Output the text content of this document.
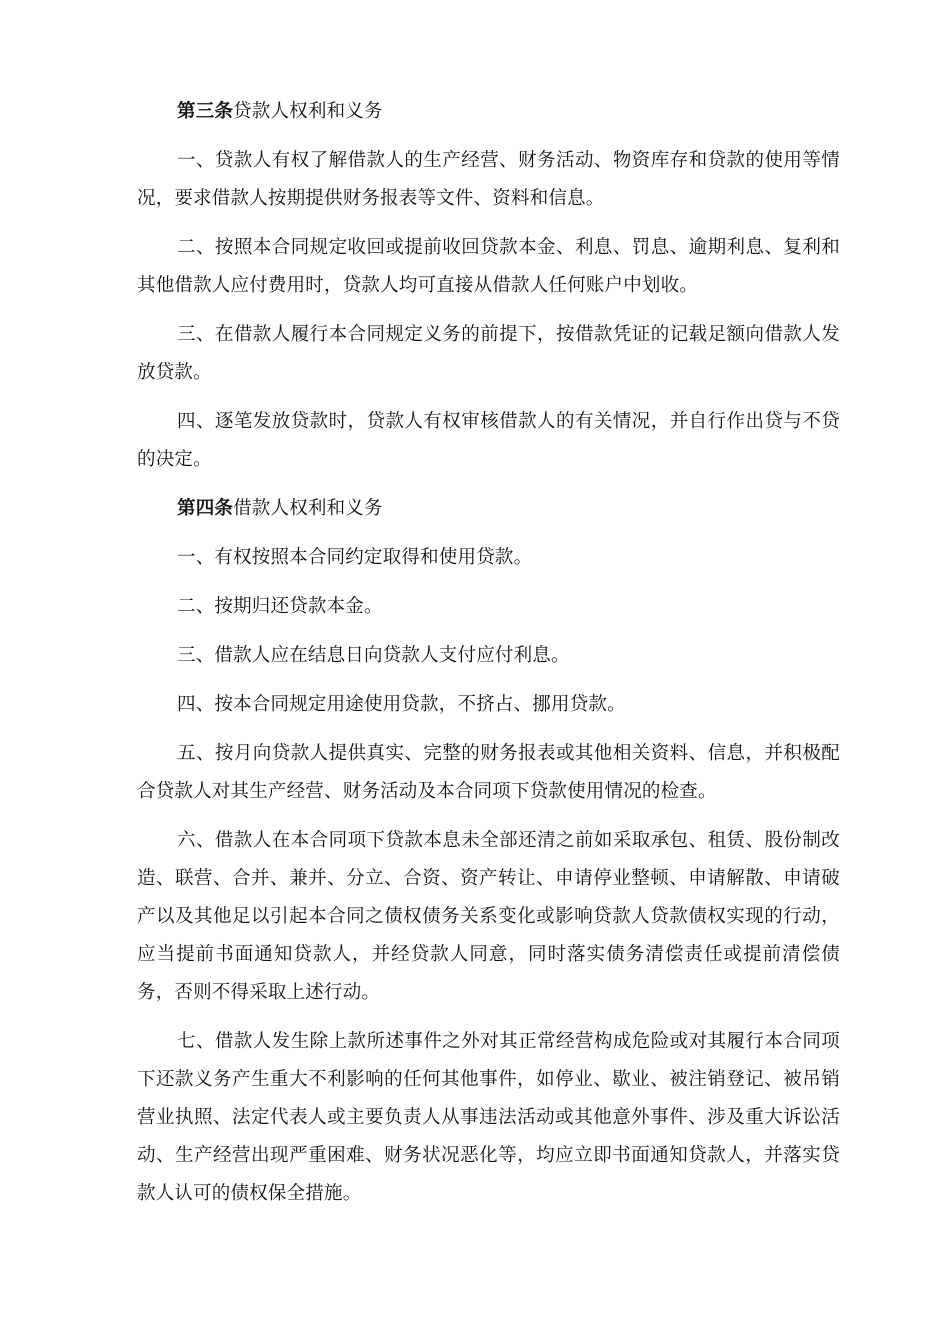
第三条贷款人权利和义务

一、贷款人有权了解借款人的生产经营、财务活动、物资库存和贷款的使用等情况，要求借款人按期提供财务报表等文件、资料和信息。

二、按照本合同规定收回或提前收回贷款本金、利息、罚息、逾期利息、复利和其他借款人应付费用时，贷款人均可直接从借款人任何账户中划收。

三、在借款人履行本合同规定义务的前提下，按借款凭证的记载足额向借款人发放贷款。

四、逐笔发放贷款时，贷款人有权审核借款人的有关情况，并自行作出贷与不贷的决定。

第四条借款人权利和义务

一、有权按照本合同约定取得和使用贷款。

二、按期归还贷款本金。

三、借款人应在结息日向贷款人支付应付利息。

四、按本合同规定用途使用贷款，不挤占、挪用贷款。

五、按月向贷款人提供真实、完整的财务报表或其他相关资料、信息，并积极配合贷款人对其生产经营、财务活动及本合同项下贷款使用情况的检查。

六、借款人在本合同项下贷款本息未全部还清之前如采取承包、租赁、股份制改造、联营、合并、兼并、分立、合资、资产转让、申请停业整顿、申请解散、申请破产以及其他足以引起本合同之债权债务关系变化或影响贷款人贷款债权实现的行动，应当提前书面通知贷款人，并经贷款人同意，同时落实债务清偿责任或提前清偿债务，否则不得采取上述行动。

七、借款人发生除上款所述事件之外对其正常经营构成危险或对其履行本合同项下还款义务产生重大不利影响的任何其他事件，如停业、歇业、被注销登记、被吊销营业执照、法定代表人或主要负责人从事违法活动或其他意外事件、涉及重大诉讼活动、生产经营出现严重困难、财务状况恶化等，均应立即书面通知贷款人，并落实贷款人认可的债权保全措施。
